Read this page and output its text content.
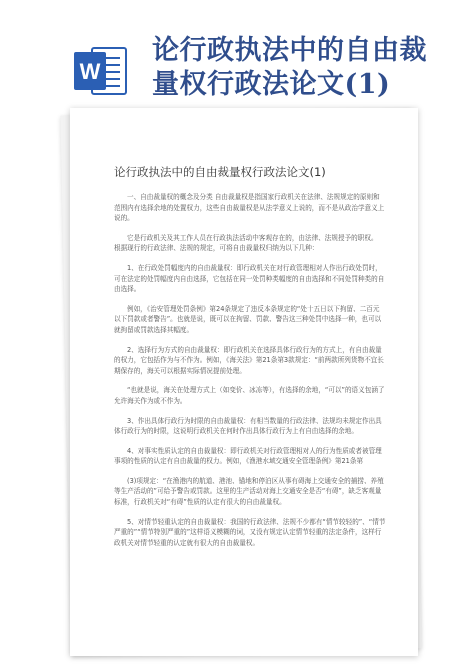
W
论行政执法中的自由裁量权行政法论文(1)
论行政执法中的自由裁量权行政法论文(1)

一、自由裁量权的概念及分类 自由裁量权是指国家行政机关在法律、法规规定的原则和范围内有选择余地的处置权力，这些自由裁量权是从法学意义上说的，而不是从政治学意义上说的。

它是行政机关及其工作人员在行政执法活动中客观存在的，由法律、法规授予的职权。 根据现行的行政法律、法规的规定，可将自由裁量权归纳为以下几种：

1、在行政处罚幅度内的自由裁量权：即行政机关在对行政管理相对人作出行政处罚时，可在法定的处罚幅度内自由选择，它包括在同一处罚种类幅度的自由选择和不同处罚种类的自由选择。

例如，《治安管理处罚条例》第24条规定了违反本条规定的“处十五日以下拘留、二百元以下罚款或者警告”。也就是说，既可以在拘留、罚款、警告这三种处罚中选择一种，也可以就拘留或罚款选择其幅度。

2、选择行为方式的自由裁量权：即行政机关在选择具体行政行为的方式上，有自由裁量的权力，它包括作为与不作为。例如，《海关法》第21条第3款规定：“前两款所列货物不宜长期保存的，海关可以根据实际情况提前处理。

“也就是说，海关在处理方式上（如变价、冰冻等），有选择的余地，“可以”的语义包涵了允许海关作为或不作为。

3、作出具体行政行为时限的自由裁量权：有相当数量的行政法律、法规均未规定作出具体行政行为的时限，这说明行政机关在何时作出具体行政行为上有自由选择的余地。

4、对事实性质认定的自由裁量权：即行政机关对行政管理相对人的行为性质或者被管理事项的性质的认定有自由裁量的权力。例如，《渔港水域交通安全管理条例》第21条第

(3)项规定：“在渔港内的航道、港池、锚地和停泊区从事有碍海上交通安全的捕捞、养殖等生产活动的”可给予警告或罚款。这里的生产活动对海上交通安全是否“有碍”，缺乏客观量标准，行政机关对“有碍”性质的认定有很大的自由裁量权。

5、对情节轻重认定的自由裁量权：我国的行政法律、法规不少都有“情节较轻的”、“情节严重的”“情节特别严重的”这样语义模糊的词，又没有规定认定情节轻重的法定条件，这样行政机关对情节轻重的认定就有很大的自由裁量权。
